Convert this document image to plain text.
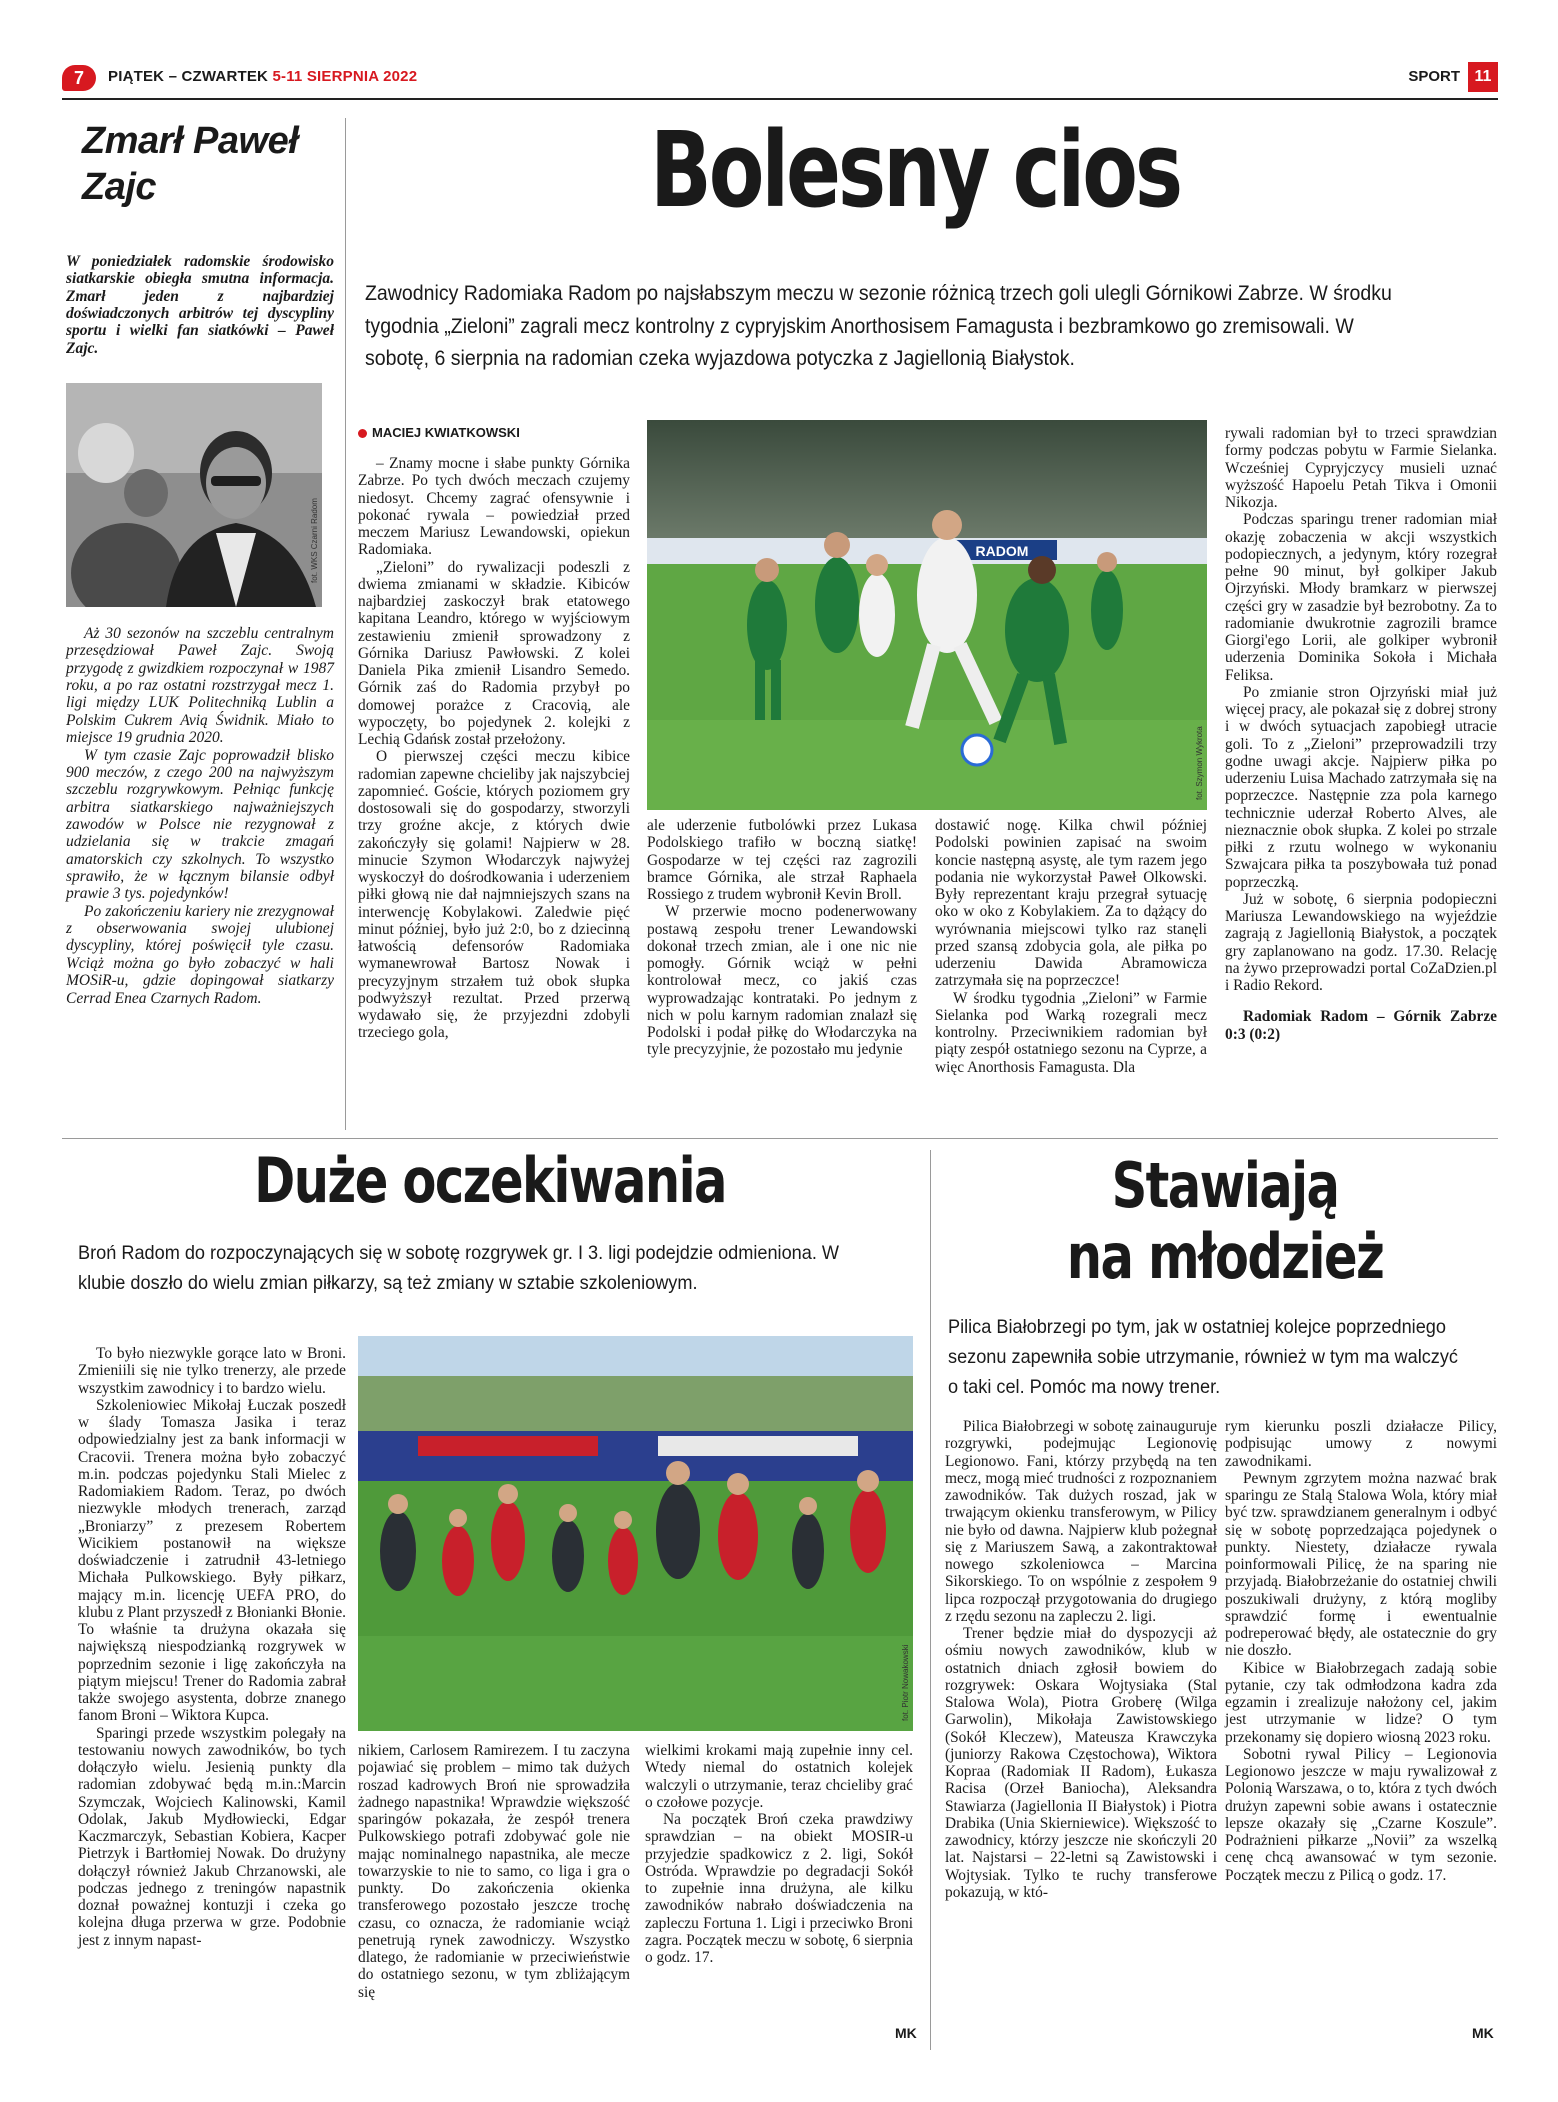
7	PIĄTEK – CZWARTEK 5-11 SIERPNIA 2022	SPORT 11
Zmarł Paweł Zajc
W poniedziałek radomskie środowisko siatkarskie obiegła smutna informacja. Zmarł jeden z najbardziej doświadczonych arbitrów tej dyscypliny sportu i wielki fan siatkówki – Paweł Zajc.
fot. WKS Czarni Radom

Aż 30 sezonów na szczeblu centralnym przesędziował Paweł Zajc. Swoją przygodę z gwizdkiem rozpoczynał w 1987 roku, a po raz ostatni rozstrzygał mecz 1. ligi między LUK Politechniką Lublin a Polskim Cukrem Avią Świdnik. Miało to miejsce 19 grudnia 2020.

W tym czasie Zajc poprowadził blisko 900 meczów, z czego 200 na najwyższym szczeblu rozgrywkowym. Pełniąc funkcję arbitra siatkarskiego najważniejszych zawodów w Polsce nie rezygnował z udzielania się w trakcie zmagań amatorskich czy szkolnych. To wszystko sprawiło, że w łącznym bilansie odbył prawie 3 tys. pojedynków!

Po zakończeniu kariery nie zrezygnował z obserwowania swojej ulubionej dyscypliny, której poświęcił tyle czasu. Wciąż można go było zobaczyć w hali MOSiR-u, gdzie dopingował siatkarzy Cerrad Enea Czarnych Radom.

Bolesny cios
Zawodnicy Radomiaka Radom po najsłabszym meczu w sezonie różnicą trzech goli ulegli Górnikowi Zabrze. W środku tygodnia „Zieloni” zagrali mecz kontrolny z cypryjskim Anorthosisem Famagusta i bezbramkowo go zremisowali. W sobotę, 6 sierpnia na radomian czeka wyjazdowa potyczka z Jagiellonią Białystok.
MACIEJ KWIATKOWSKI

– Znamy mocne i słabe punkty Górnika Zabrze. Po tych dwóch meczach czujemy niedosyt. Chcemy zagrać ofensywnie i pokonać rywala – powiedział przed meczem Mariusz Lewandowski, opiekun Radomiaka.

„Zieloni” do rywalizacji podeszli z dwiema zmianami w składzie. Kibiców najbardziej zaskoczył brak etatowego kapitana Leandro, którego w wyjściowym zestawieniu zmienił sprowadzony z Górnika Dariusz Pawłowski. Z kolei Daniela Pika zmienił Lisandro Semedo. Górnik zaś do Radomia przybył po domowej porażce z Cracovią, ale wypoczęty, bo pojedynek 2. kolejki z Lechią Gdańsk został przełożony.

O pierwszej części meczu kibice radomian zapewne chcieliby jak najszybciej zapomnieć. Goście, których poziomem gry dostosowali się do gospodarzy, stworzyli trzy groźne akcje, z których dwie zakończyły się golami! Najpierw w 28. minucie Szymon Włodarczyk najwyżej wyskoczył do dośrodkowania i uderzeniem piłki głową nie dał najmniejszych szans na interwencję Kobylakowi. Zaledwie pięć minut później, było już 2:0, bo z dziecinną łatwością defensorów Radomiaka wymanewrował Bartosz Nowak i precyzyjnym strzałem tuż obok słupka podwyższył rezultat. Przed przerwą wydawało się, że przyjezdni zdobyli trzeciego gola,

RADOM
fot. Szymon Wykrota

ale uderzenie futbolówki przez Lukasa Podolskiego trafiło w boczną siatkę! Gospodarze w tej części raz zagrozili bramce Górnika, ale strzał Raphaela Rossiego z trudem wybronił Kevin Broll.

W przerwie mocno podenerwowany postawą zespołu trener Lewandowski dokonał trzech zmian, ale i one nic nie pomogły. Górnik wciąż w pełni kontrolował mecz, co jakiś czas wyprowadzając kontrataki. Po jednym z nich w polu karnym radomian znalazł się Podolski i podał piłkę do Włodarczyka na tyle precyzyjnie, że pozostało mu jedynie

dostawić nogę. Kilka chwil później Podolski powinien zapisać na swoim koncie następną asystę, ale tym razem jego podania nie wykorzystał Paweł Olkowski. Były reprezentant kraju przegrał sytuację oko w oko z Kobylakiem. Za to dążący do wyrównania miejscowi tylko raz stanęli przed szansą zdobycia gola, ale piłka po uderzeniu Dawida Abramowicza zatrzymała się na poprzeczce!

W środku tygodnia „Zieloni” w Farmie Sielanka pod Warką rozegrali mecz kontrolny. Przeciwnikiem radomian był piąty zespół ostatniego sezonu na Cyprze, a więc Anorthosis Famagusta. Dla

rywali radomian był to trzeci sprawdzian formy podczas pobytu w Farmie Sielanka. Wcześniej Cypryjczycy musieli uznać wyższość Hapoelu Petah Tikva i Omonii Nikozja.

Podczas sparingu trener radomian miał okazję zobaczenia w akcji wszystkich podopiecznych, a jedynym, który rozegrał pełne 90 minut, był golkiper Jakub Ojrzyński. Młody bramkarz w pierwszej części gry w zasadzie był bezrobotny. Za to radomianie dwukrotnie zagrozili bramce Giorgi'ego Lorii, ale golkiper wybronił uderzenia Dominika Sokoła i Michała Feliksa.

Po zmianie stron Ojrzyński miał już więcej pracy, ale pokazał się z dobrej strony i w dwóch sytuacjach zapobiegł utracie goli. To z „Zieloni” przeprowadzili trzy godne uwagi akcje. Najpierw piłka po uderzeniu Luisa Machado zatrzymała się na poprzeczce. Następnie zza pola karnego technicznie uderzał Roberto Alves, ale nieznacznie obok słupka. Z kolei po strzale piłki z rzutu wolnego w wykonaniu Szwajcara piłka ta poszybowała tuż ponad poprzeczką.

Już w sobotę, 6 sierpnia podopieczni Mariusza Lewandowskiego na wyjeździe zagrają z Jagiellonią Białystok, a początek gry zaplanowano na godz. 17.30. Relację na żywo przeprowadzi portal CoZaDzien.pl i Radio Rekord.

Radomiak Radom – Górnik Zabrze 0:3 (0:2)

Duże oczekiwania
Broń Radom do rozpoczynających się w sobotę rozgrywek gr. I 3. ligi podejdzie odmieniona. W klubie doszło do wielu zmian piłkarzy, są też zmiany w sztabie szkoleniowym.

To było niezwykle gorące lato w Broni. Zmieniili się nie tylko trenerzy, ale przede wszystkim zawodnicy i to bardzo wielu.

Szkoleniowiec Mikołaj Łuczak poszedł w ślady Tomasza Jasika i teraz odpowiedzialny jest za bank informacji w Cracovii. Trenera można było zobaczyć m.in. podczas pojedynku Stali Mielec z Radomiakiem Radom. Teraz, po dwóch niezwykle młodych trenerach, zarząd „Broniarzy” z prezesem Robertem Wicikiem postanowił na większe doświadczenie i zatrudnił 43-letniego Michała Pulkowskiego. Były piłkarz, mający m.in. licencję UEFA PRO, do klubu z Plant przyszedł z Błonianki Błonie. To właśnie ta drużyna okazała się największą niespodzianką rozgrywek w poprzednim sezonie i ligę zakończyła na piątym miejscu! Trener do Radomia zabrał także swojego asystenta, dobrze znanego fanom Broni – Wiktora Kupca.

Sparingi przede wszystkim polegały na testowaniu nowych zawodników, bo tych dołączyło wielu. Jesienią punkty dla radomian zdobywać będą m.in.:Marcin Szymczak, Wojciech Kalinowski, Kamil Odolak, Jakub Mydłowiecki, Edgar Kaczmarczyk, Sebastian Kobiera, Kacper Pietrzyk i Bartłomiej Nowak. Do drużyny dołączył również Jakub Chrzanowski, ale podczas jednego z treningów napastnik doznał poważnej kontuzji i czeka go kolejna długa przerwa w grze. Podobnie jest z innym napast-

fot. Piotr Nowakowski

nikiem, Carlosem Ramirezem. I tu zaczyna pojawiać się problem – mimo tak dużych roszad kadrowych Broń nie sprowadziła żadnego napastnika! Wprawdzie większość sparingów pokazała, że zespół trenera Pulkowskiego potrafi zdobywać gole nie mając nominalnego napastnika, ale mecze towarzyskie to nie to samo, co liga i gra o punkty. Do zakończenia okienka transferowego pozostało jeszcze trochę czasu, co oznacza, że radomianie wciąż penetrują rynek zawodniczy. Wszystko dlatego, że radomianie w przeciwieństwie do ostatniego sezonu, w tym zbliżającym się

wielkimi krokami mają zupełnie inny cel. Wtedy niemal do ostatnich kolejek walczyli o utrzymanie, teraz chcieliby grać o czołowe pozycje.

Na początek Broń czeka prawdziwy sprawdzian – na obiekt MOSIR-u przyjedzie spadkowicz z 2. ligi, Sokół Ostróda. Wprawdzie po degradacji Sokół to zupełnie inna drużyna, ale kilku zawodników nabrało doświadczenia na zapleczu Fortuna 1. Ligi i przeciwko Broni zagra. Początek meczu w sobotę, 6 sierpnia o godz. 17.

MK
Stawiają
na młodzież
Pilica Białobrzegi po tym, jak w ostatniej kolejce poprzedniego sezonu zapewniła sobie utrzymanie, również w tym ma walczyć o taki cel. Pomóc ma nowy trener.

Pilica Białobrzegi w sobotę zainauguruje rozgrywki, podejmując Legionovię Legionowo. Fani, którzy przybędą na ten mecz, mogą mieć trudności z rozpoznaniem zawodników. Tak dużych roszad, jak w trwającym okienku transferowym, w Pilicy nie było od dawna. Najpierw klub pożegnał się z Mariuszem Sawą, a zakontraktował nowego szkoleniowca – Marcina Sikorskiego. To on wspólnie z zespołem 9 lipca rozpoczął przygotowania do drugiego z rzędu sezonu na zapleczu 2. ligi.

Trener będzie miał do dyspozycji aż ośmiu nowych zawodników, klub w ostatnich dniach zgłosił bowiem do rozgrywek: Oskara Wojtysiaka (Stal Stalowa Wola), Piotra Groberę (Wilga Garwolin), Mikołaja Zawistowskiego (Sokół Kleczew), Mateusza Krawczyka (juniorzy Rakowa Częstochowa), Wiktora Kopraa (Radomiak II Radom), Łukasza Racisa (Orzeł Baniocha), Aleksandra Stawiarza (Jagiellonia II Białystok) i Piotra Drabika (Unia Skierniewice). Większość to zawodnicy, którzy jeszcze nie skończyli 20 lat. Najstarsi – 22-letni są Zawistowski i Wojtysiak. Tylko te ruchy transferowe pokazują, w któ-

rym kierunku poszli działacze Pilicy, podpisując umowy z nowymi zawodnikami.

Pewnym zgrzytem można nazwać brak sparingu ze Stalą Stalowa Wola, który miał być tzw. sprawdzianem generalnym i odbyć się w sobotę poprzedzająca pojedynek o punkty. Niestety, działacze rywala poinformowali Pilicę, że na sparing nie przyjadą. Białobrzeżanie do ostatniej chwili poszukiwali drużyny, z którą mogliby sprawdzić formę i ewentualnie podreperować błędy, ale ostatecznie do gry nie doszło.

Kibice w Białobrzegach zadają sobie pytanie, czy tak odmłodzona kadra zda egzamin i zrealizuje nałożony cel, jakim jest utrzymanie w lidze? O tym przekonamy się dopiero wiosną 2023 roku.

Sobotni rywal Pilicy – Legionovia Legionowo jeszcze w maju rywalizował z Polonią Warszawa, o to, która z tych dwóch drużyn zapewni sobie awans i ostatecznie lepsze okazały się „Czarne Koszule”. Podrażnieni piłkarze „Novii” za wszelką cenę chcą awansować w tym sezonie. Początek meczu z Pilicą o godz. 17.

MK
